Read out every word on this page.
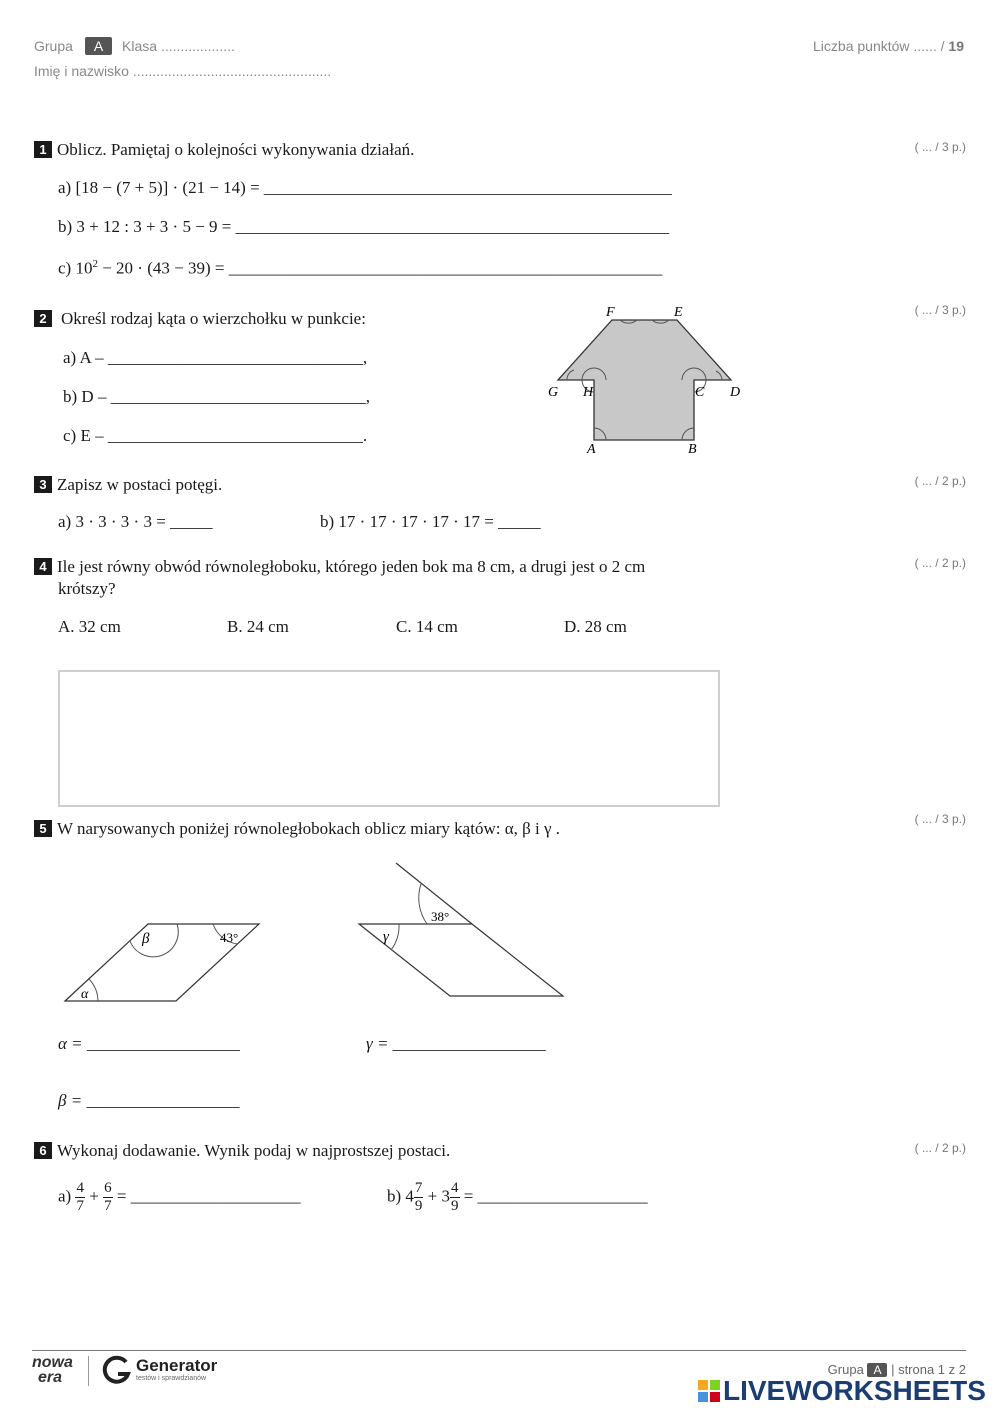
Grupa A Klasa ...................
Imię i nazwisko ...................................................
Liczba punktów ...... / 19
1 Oblicz. Pamiętaj o kolejności wykonywania działań.	( ... / 3 p.)
a) [18 − (7 + 5)] · (21 − 14) = ________________________________________________
b) 3 + 12 : 3 + 3 · 5 − 9 = ___________________________________________________
c) $10^2 - 20 \cdot (43 - 39)$ = ___________________________________________________
2 Określ rodzaj kąta o wierzchołku w punkcie:	( ... / 3 p.)
a) A – ______________________________,
b) D – ______________________________,
c) E – ______________________________.
F	E
G H	C D
A	B
3 Zapisz w postaci potęgi.	( ... / 2 p.)
a) 3 · 3 · 3 · 3 = _____	b) 17 · 17 · 17 · 17 · 17 = _____
4 Ile jest równy obwód równoległoboku, którego jeden bok ma 8 cm, a drugi jest o 2 cm
krótszy?
( ... / 2 p.)
A. 32 cm	B. 24 cm	C. 14 cm	D. 28 cm
5 W narysowanych poniżej równoległobokach oblicz miary kątów: α, β i γ .	( ... / 3 p.)
α
β	43°
38°
γ
α = __________________	γ = __________________
β = __________________
6 Wykonaj dodawanie. Wynik podaj w najprostszej postaci.	( ... / 2 p.)
$a) \frac{4}{7} + \frac{6}{7}$ = ____________________	b) $4 \frac{7}{9} + 3 \frac{4}{9}$ = ____________________
nowa
era
Generator
testów i sprawdzianów
Grupa A | strona 1 z 2
LIVEWORKSHEETS
